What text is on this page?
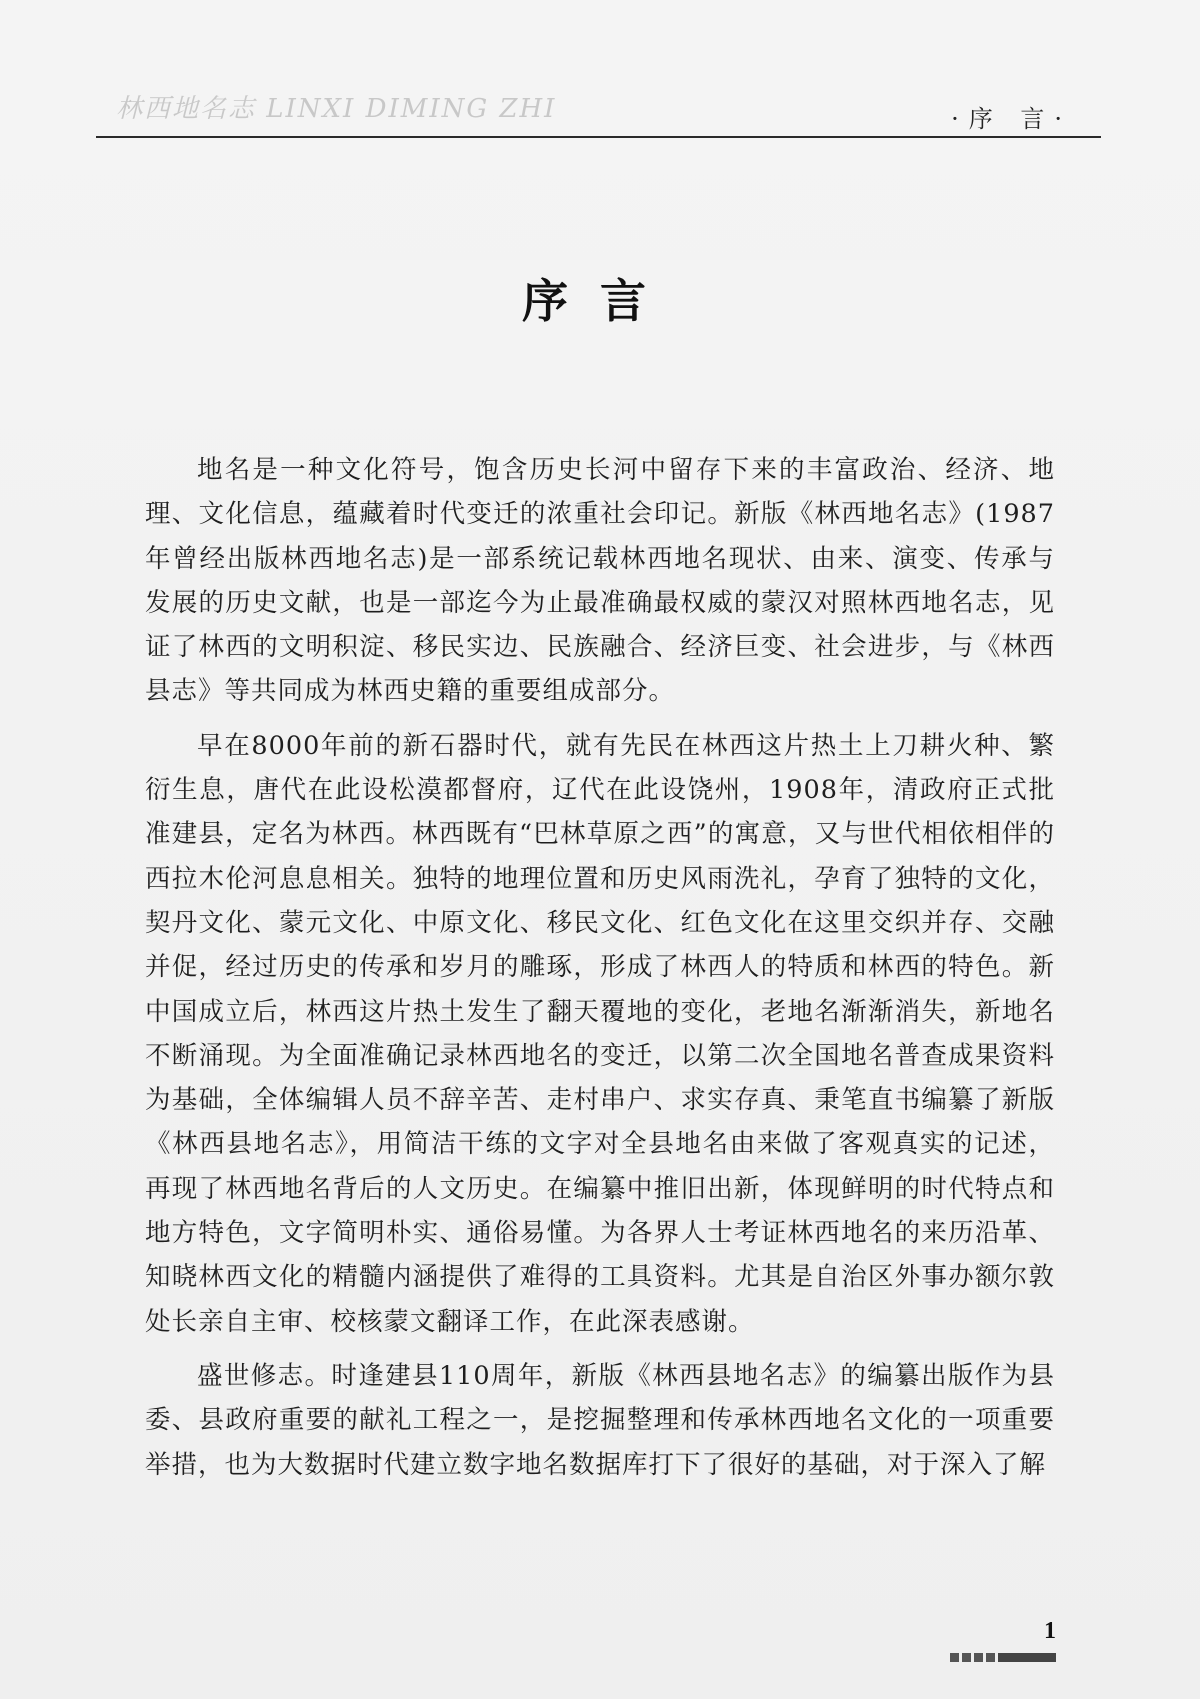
林西地名志 LINXI DIMING ZHI	·序 言·
序言

地名是一种文化符号，饱含历史长河中留存下来的丰富政治、经济、地理、文化信息，蕴藏着时代变迁的浓重社会印记。新版《林西地名志》(1987年曾经出版林西地名志)是一部系统记载林西地名现状、由来、演变、传承与发展的历史文献，也是一部迄今为止最准确最权威的蒙汉对照林西地名志，见证了林西的文明积淀、移民实边、民族融合、经济巨变、社会进步，与《林西县志》等共同成为林西史籍的重要组成部分。

早在8000年前的新石器时代，就有先民在林西这片热土上刀耕火种、繁衍生息，唐代在此设松漠都督府，辽代在此设饶州，1908年，清政府正式批准建县，定名为林西。林西既有“巴林草原之西”的寓意，又与世代相依相伴的西拉木伦河息息相关。独特的地理位置和历史风雨洗礼，孕育了独特的文化，契丹文化、蒙元文化、中原文化、移民文化、红色文化在这里交织并存、交融并促，经过历史的传承和岁月的雕琢，形成了林西人的特质和林西的特色。新中国成立后，林西这片热土发生了翻天覆地的变化，老地名渐渐消失，新地名不断涌现。为全面准确记录林西地名的变迁，以第二次全国地名普查成果资料为基础，全体编辑人员不辞辛苦、走村串户、求实存真、秉笔直书编纂了新版《林西县地名志》，用简洁干练的文字对全县地名由来做了客观真实的记述，再现了林西地名背后的人文历史。在编纂中推旧出新，体现鲜明的时代特点和地方特色，文字简明朴实、通俗易懂。为各界人士考证林西地名的来历沿革、知晓林西文化的精髓内涵提供了难得的工具资料。尤其是自治区外事办额尔敦处长亲自主审、校核蒙文翻译工作，在此深表感谢。

盛世修志。时逢建县110周年，新版《林西县地名志》的编纂出版作为县委、县政府重要的献礼工程之一，是挖掘整理和传承林西地名文化的一项重要举措，也为大数据时代建立数字地名数据库打下了很好的基础，对于深入了解

1
